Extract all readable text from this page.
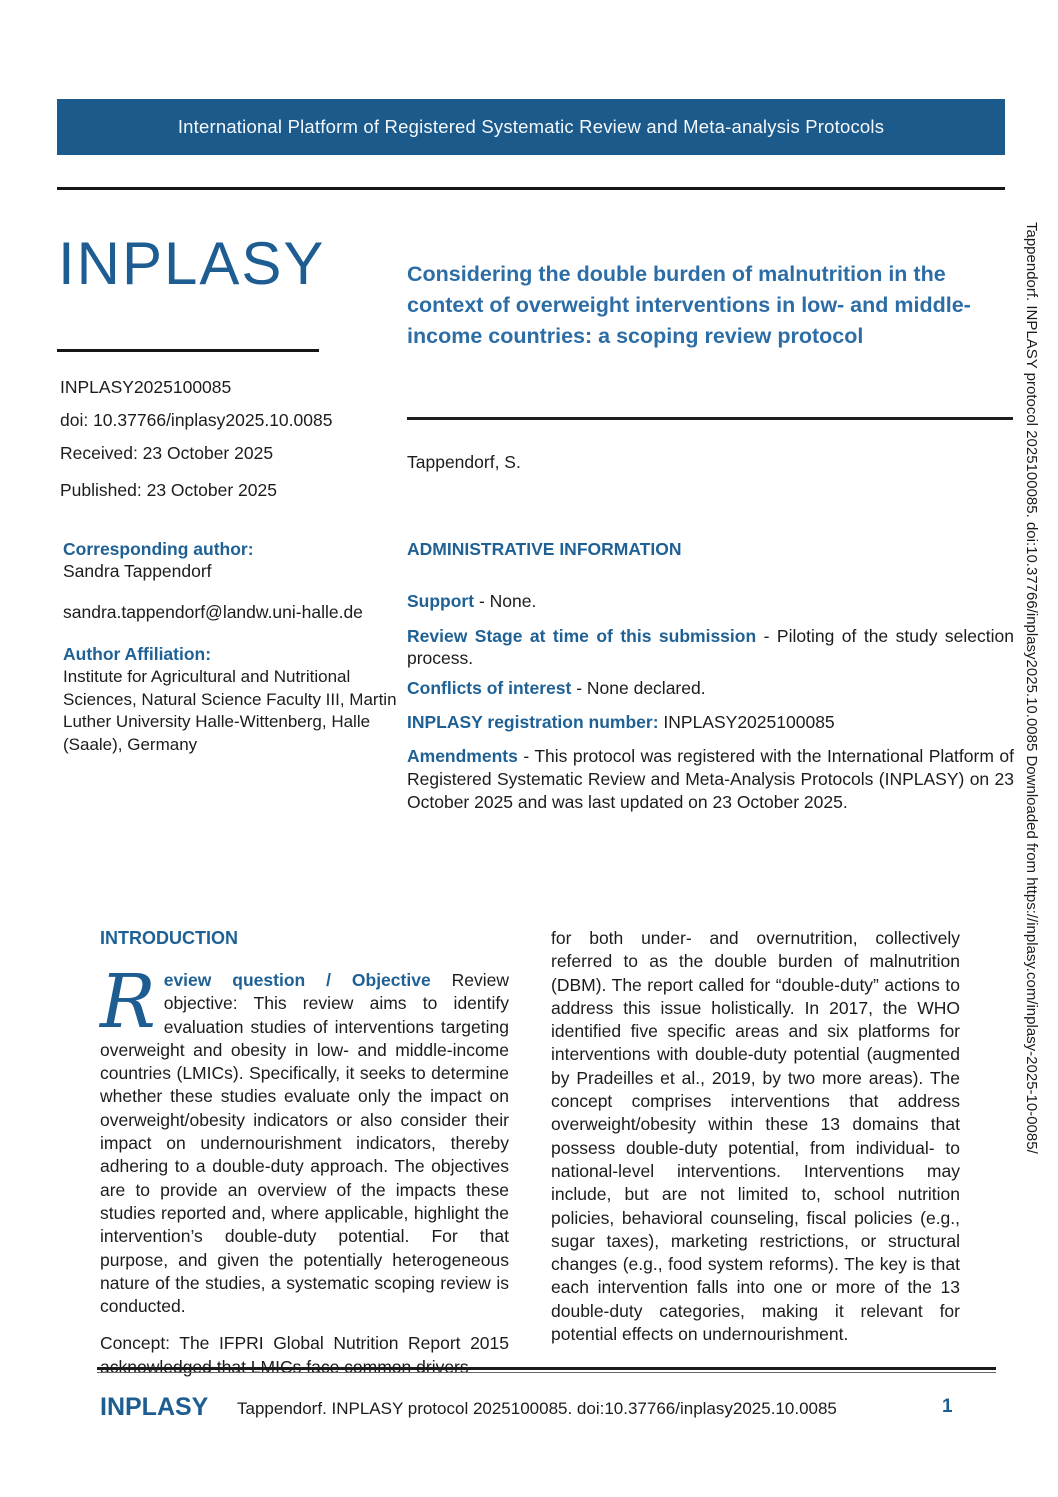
International Platform of Registered Systematic Review and Meta-analysis Protocols
INPLASY
INPLASY2025100085
doi: 10.37766/inplasy2025.10.0085
Received: 23 October 2025
Published: 23 October 2025
Considering the double burden of malnutrition in the context of overweight interventions in low- and middle-income countries: a scoping review protocol
Tappendorf, S.
Corresponding author:
Sandra Tappendorf
sandra.tappendorf@landw.uni-halle.de
Author Affiliation:
Institute for Agricultural and Nutritional Sciences, Natural Science Faculty III, Martin Luther University Halle-Wittenberg, Halle (Saale), Germany
ADMINISTRATIVE INFORMATION

Support - None.

Review Stage at time of this submission - Piloting of the study selection process.

Conflicts of interest - None declared.

INPLASY registration number: INPLASY2025100085

Amendments - This protocol was registered with the International Platform of Registered Systematic Review and Meta-Analysis Protocols (INPLASY) on 23 October 2025 and was last updated on 23 October 2025.

INTRODUCTION

Review question / Objective Review objective: This review aims to identify evaluation studies of interventions targeting overweight and obesity in low- and middle-income countries (LMICs). Specifically, it seeks to determine whether these studies evaluate only the impact on overweight/obesity indicators or also consider their impact on undernourishment indicators, thereby adhering to a double-duty approach. The objectives are to provide an overview of the impacts these studies reported and, where applicable, highlight the intervention’s double-duty potential. For that purpose, and given the potentially heterogeneous nature of the studies, a systematic scoping review is conducted.

Concept: The IFPRI Global Nutrition Report 2015 acknowledged that LMICs face common drivers

for both under- and overnutrition, collectively referred to as the double burden of malnutrition (DBM). The report called for “double-duty” actions to address this issue holistically. In 2017, the WHO identified five specific areas and six platforms for interventions with double-duty potential (augmented by Pradeilles et al., 2019, by two more areas). The concept comprises interventions that address overweight/obesity within these 13 domains that possess double-duty potential, from individual- to national-level interventions. Interventions may include, but are not limited to, school nutrition policies, behavioral counseling, fiscal policies (e.g., sugar taxes), marketing restrictions, or structural changes (e.g., food system reforms). The key is that each intervention falls into one or more of the 13 double-duty categories, making it relevant for potential effects on undernourishment.

INPLASY Tappendorf. INPLASY protocol 2025100085. doi:10.37766/inplasy2025.10.0085	1
Tappendorf. INPLASY protocol 2025100085. doi:10.37766/inplasy2025.10.0085 Downloaded from https://inplasy.com/inplasy-2025-10-0085/
